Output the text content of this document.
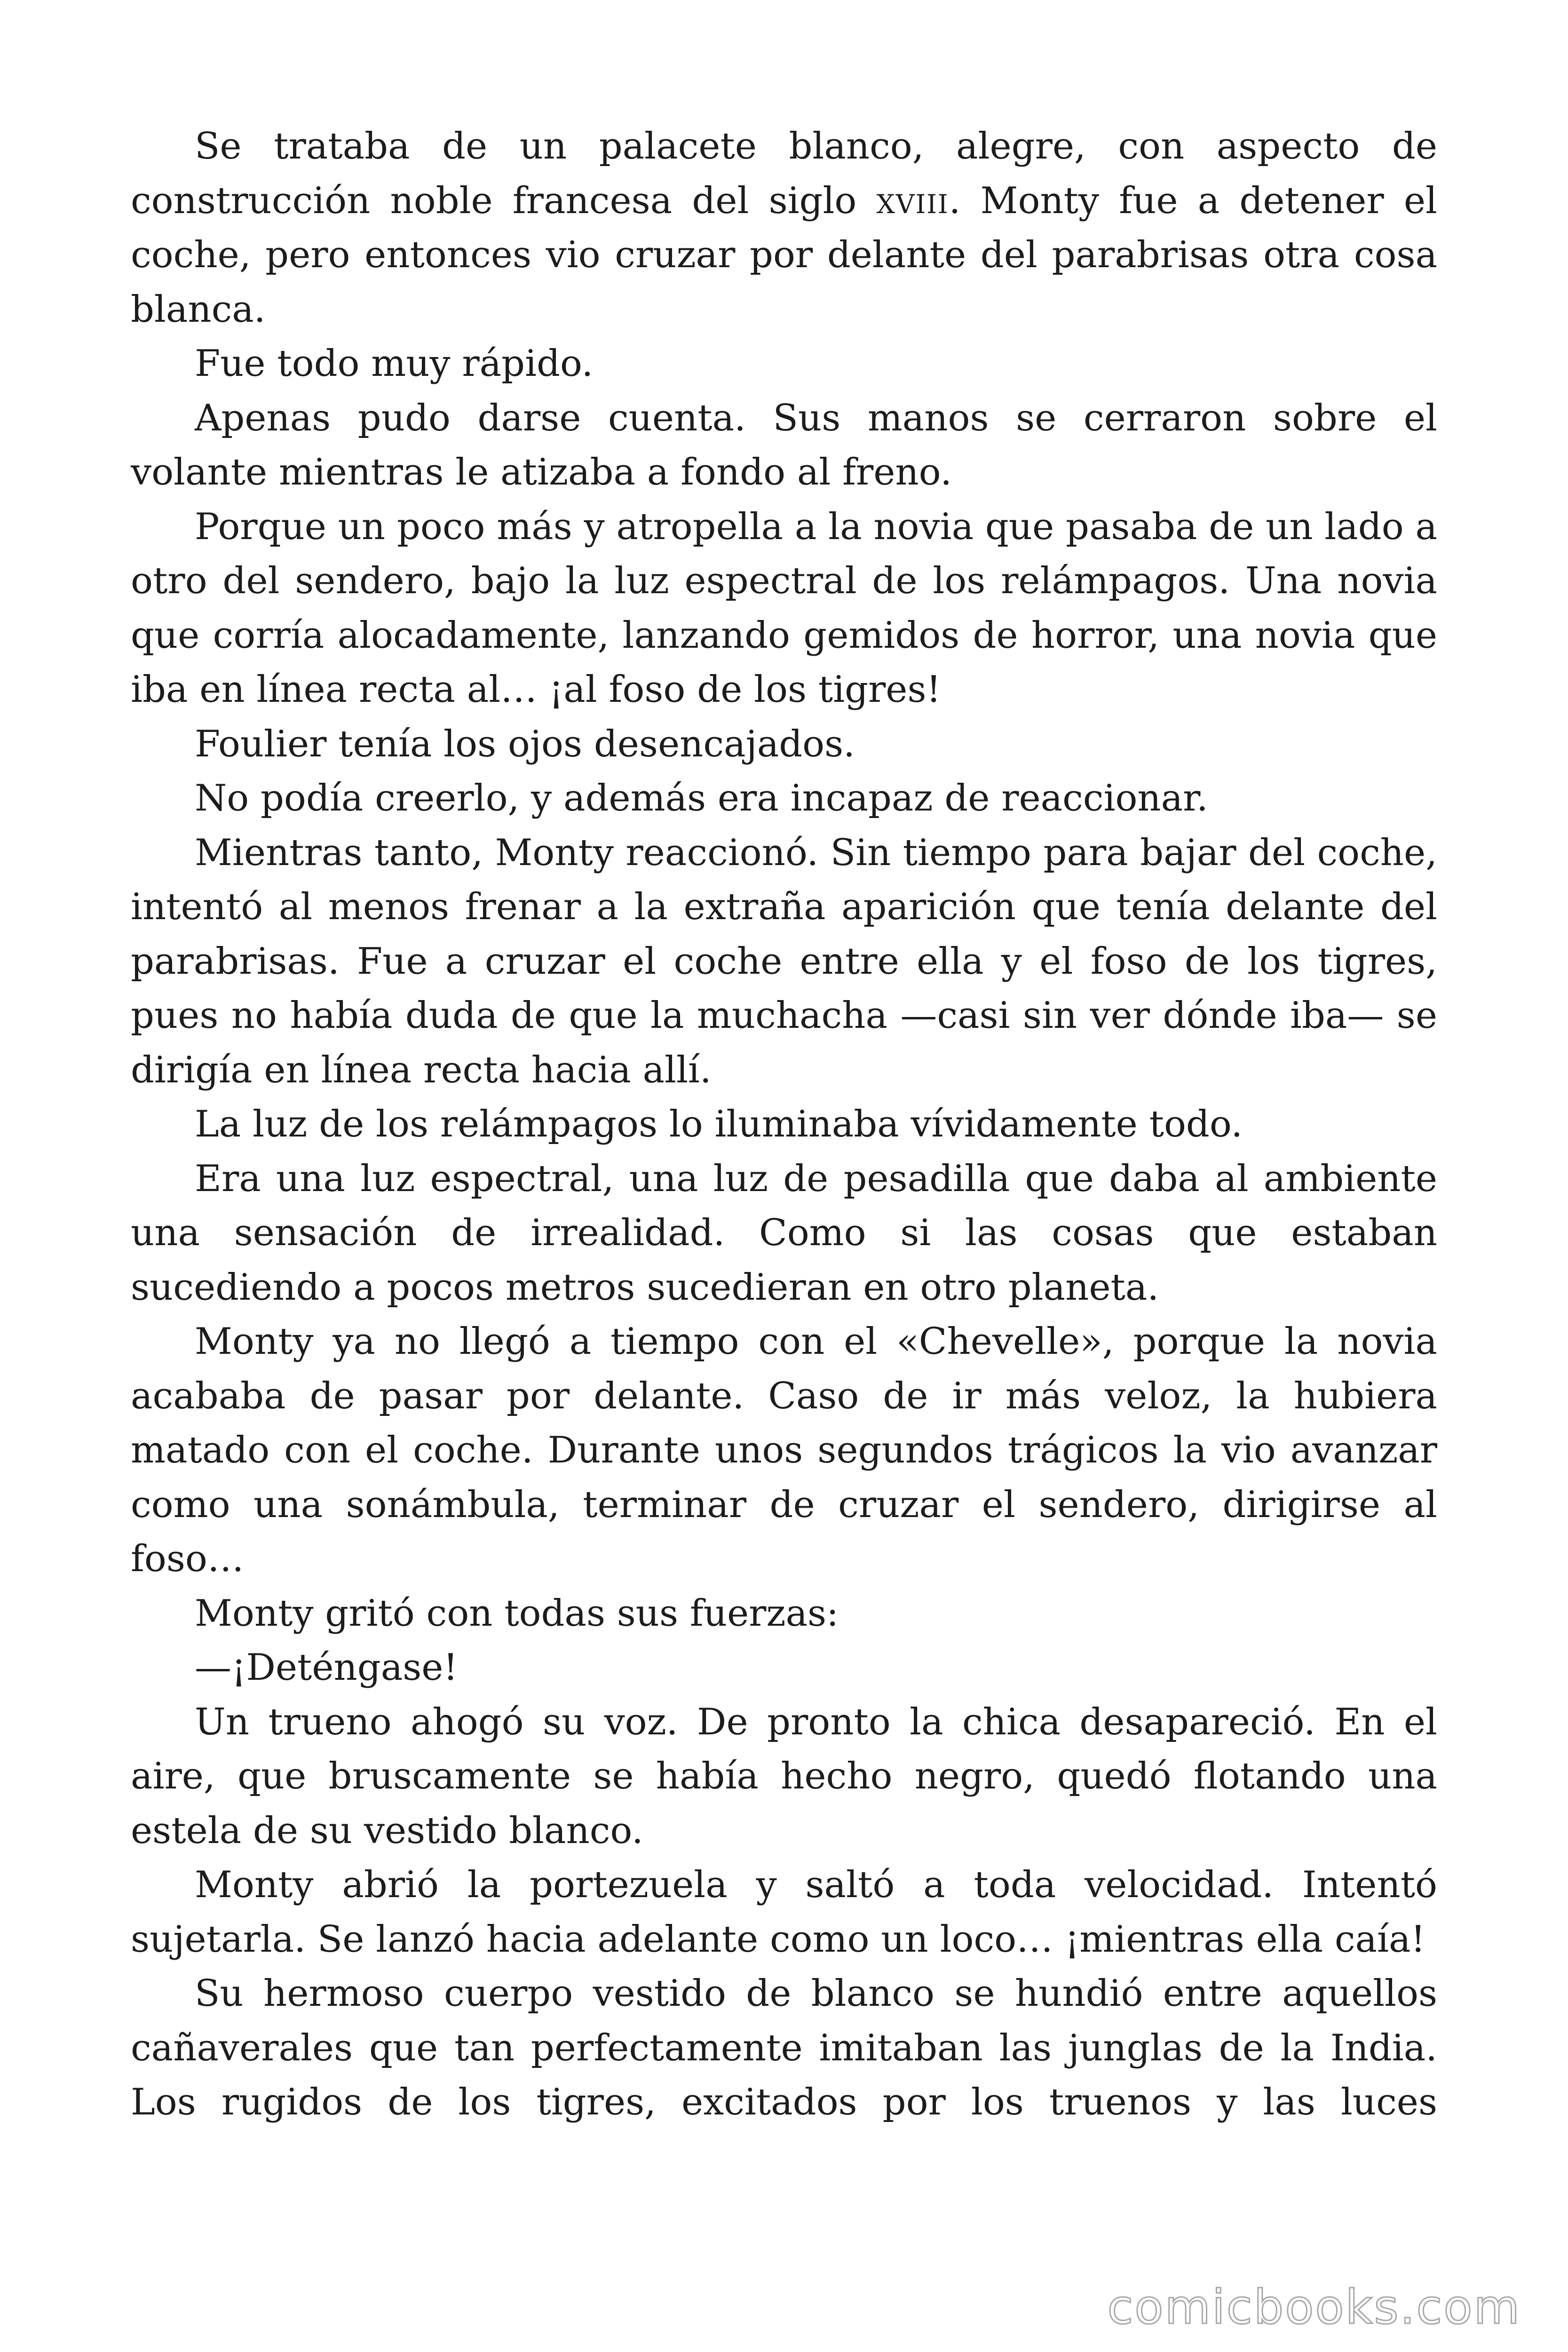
Se trataba de un palacete blanco, alegre, con aspecto de construcción noble francesa del siglo xviii. Monty fue a detener el coche, pero entonces vio cruzar por delante del parabrisas otra cosa blanca.

Fue todo muy rápido.

Apenas pudo darse cuenta. Sus manos se cerraron sobre el volante mientras le atizaba a fondo al freno.

Porque un poco más y atropella a la novia que pasaba de un lado a otro del sendero, bajo la luz espectral de los relámpagos. Una novia que corría alocadamente, lanzando gemidos de horror, una novia que iba en línea recta al… ¡al foso de los tigres!

Foulier tenía los ojos desencajados.

No podía creerlo, y además era incapaz de reaccionar.

Mientras tanto, Monty reaccionó. Sin tiempo para bajar del coche, intentó al menos frenar a la extraña aparición que tenía delante del parabrisas. Fue a cruzar el coche entre ella y el foso de los tigres, pues no había duda de que la muchacha —casi sin ver dónde iba— se dirigía en línea recta hacia allí.

La luz de los relámpagos lo iluminaba vívidamente todo.

Era una luz espectral, una luz de pesadilla que daba al ambiente una sensación de irrealidad. Como si las cosas que estaban sucediendo a pocos metros sucedieran en otro planeta.

Monty ya no llegó a tiempo con el «Chevelle», porque la novia acababa de pasar por delante. Caso de ir más veloz, la hubiera matado con el coche. Durante unos segundos trágicos la vio avanzar como una sonámbula, terminar de cruzar el sendero, dirigirse al foso…

Monty gritó con todas sus fuerzas:

—¡Deténgase!

Un trueno ahogó su voz. De pronto la chica desapareció. En el aire, que bruscamente se había hecho negro, quedó flotando una estela de su vestido blanco.

Monty abrió la portezuela y saltó a toda velocidad. Intentó sujetarla. Se lanzó hacia adelante como un loco… ¡mientras ella caía!

Su hermoso cuerpo vestido de blanco se hundió entre aquellos cañaverales que tan perfectamente imitaban las junglas de la India. Los rugidos de los tigres, excitados por los truenos y las luces

comicbooks.com
